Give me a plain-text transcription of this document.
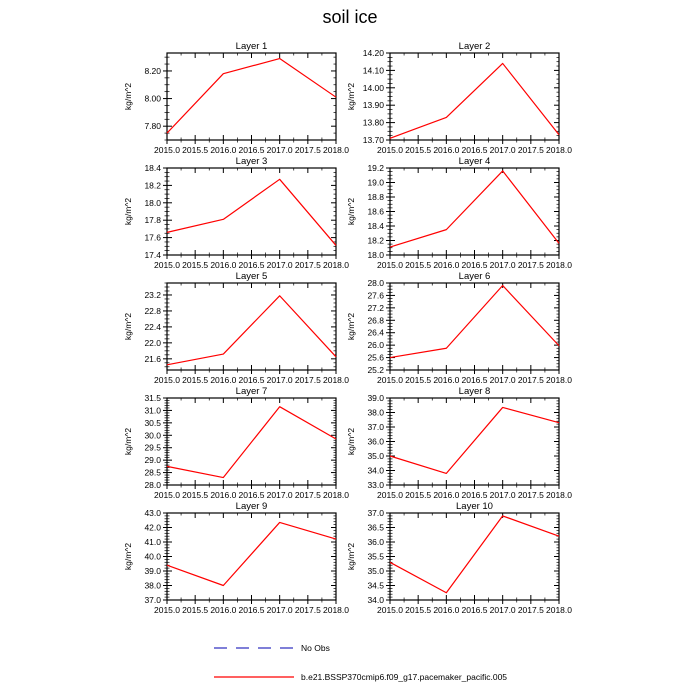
soil ice
Layer 1
2015.0 2015.5 2016.0 2016.5 2017.0 2017.5 2018.0
7.80
8.00
8.20
kg/m^2
Layer 2
2015.0 2015.5 2016.0 2016.5 2017.0 2017.5 2018.0
13.70
13.80
13.90
14.00
14.10
14.20
kg/m^2
Layer 3
2015.0 2015.5 2016.0 2016.5 2017.0 2017.5 2018.0
17.4
17.6
17.8
18.0
18.2
18.4
kg/m^2
Layer 4
2015.0 2015.5 2016.0 2016.5 2017.0 2017.5 2018.0
18.0
18.2
18.4
18.6
18.8
19.0
19.2
kg/m^2
Layer 5
2015.0 2015.5 2016.0 2016.5 2017.0 2017.5 2018.0
21.6
22.0
22.4
22.8
23.2
kg/m^2
Layer 6
2015.0 2015.5 2016.0 2016.5 2017.0 2017.5 2018.0
25.2
25.6
26.0
26.4
26.8
27.2
27.6
28.0
kg/m^2
Layer 7
2015.0 2015.5 2016.0 2016.5 2017.0 2017.5 2018.0
28.0
28.5
29.0
29.5
30.0
30.5
31.0
31.5
kg/m^2
Layer 8
2015.0 2015.5 2016.0 2016.5 2017.0 2017.5 2018.0
33.0
34.0
35.0
36.0
37.0
38.0
39.0
kg/m^2
Layer 9
2015.0 2015.5 2016.0 2016.5 2017.0 2017.5 2018.0
37.0
38.0
39.0
40.0
41.0
42.0
43.0
kg/m^2
Layer 10
2015.0 2015.5 2016.0 2016.5 2017.0 2017.5 2018.0
34.0
34.5
35.0
35.5
36.0
36.5
37.0
kg/m^2
No Obs
b.e21.BSSP370cmip6.f09_g17.pacemaker_pacific.005
